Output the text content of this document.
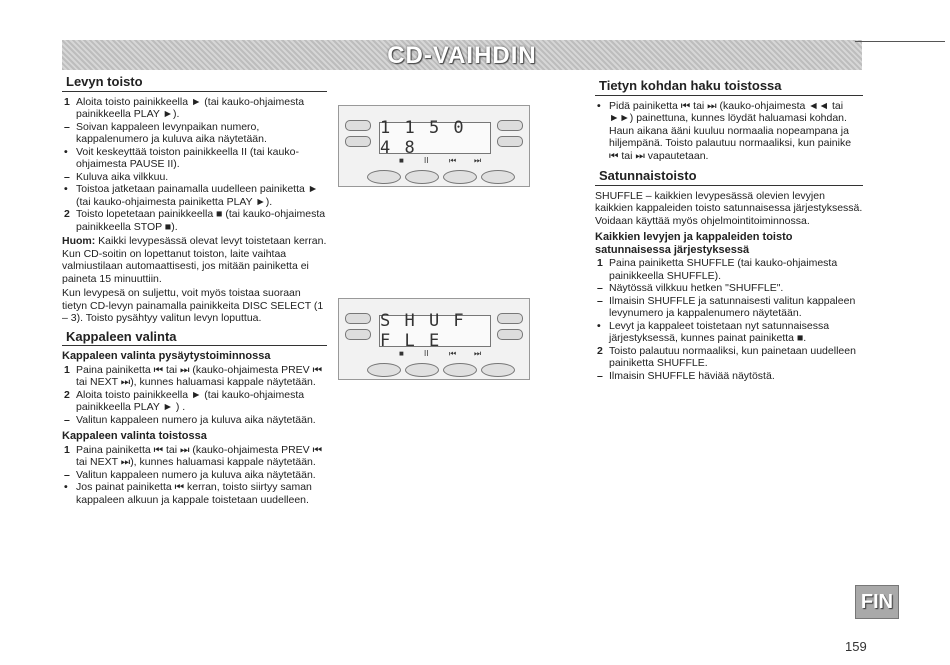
CD-VAIHDIN
Levyn toisto
1 Aloita toisto painikkeella ► (tai kauko-ohjaimesta painikkeella PLAY ►).
– Soivan kappaleen levynpaikan numero, kappalenumero ja kuluva aika näytetään.
• Voit keskeyttää toiston painikkeella II (tai kauko-ohjaimesta PAUSE II).
– Kuluva aika vilkkuu.
• Toistoa jatketaan painamalla uudelleen painiketta ► (tai kauko-ohjaimesta painiketta PLAY ►).
2 Toisto lopetetaan painikkeella ■ (tai kauko-ohjaimesta painikkeella STOP ■).

Huom: Kaikki levypesässä olevat levyt toistetaan kerran. Kun CD-soitin on lopettanut toiston, laite vaihtaa valmiustilaan automaattisesti, jos mitään painiketta ei paineta 15 minuuttiin.

Kun levypesä on suljettu, voit myös toistaa suoraan tietyn CD-levyn painamalla painikkeita DISC SELECT (1 – 3). Toisto pysähtyy valitun levyn loputtua.

Kappaleen valinta
Kappaleen valinta pysäytystoiminnossa
1 Paina painiketta ⏮ tai ⏭ (kauko-ohjaimesta PREV ⏮ tai NEXT ⏭), kunnes haluamasi kappale näytetään.
2 Aloita toisto painikkeella ► (tai kauko-ohjaimesta painikkeella PLAY ► ) .
– Valitun kappaleen numero ja kuluva aika näytetään.
Kappaleen valinta toistossa
1 Paina painiketta ⏮ tai ⏭ (kauko-ohjaimesta PREV ⏮ tai NEXT ⏭), kunnes haluamasi kappale näytetään.
– Valitun kappaleen numero ja kuluva aika näytetään.
• Jos painat painiketta ⏮ kerran, toisto siirtyy saman kappaleen alkuun ja kappale toistetaan uudelleen.
1 1 5 0 4 8
■	II	⏮ ⏭
S H U F F L E
■	II	⏮ ⏭
Tietyn kohdan haku toistossa
• Pidä painiketta ⏮ tai ⏭ (kauko-ohjaimesta ◄◄ tai ►►) painettuna, kunnes löydät haluamasi kohdan. Haun aikana ääni kuuluu normaalia nopeampana ja hiljempänä. Toisto palautuu normaaliksi, kun painike ⏮ tai ⏭ vapautetaan.
Satunnaistoisto

SHUFFLE – kaikkien levypesässä olevien levyjen kaikkien kappaleiden toisto satunnaisessa järjestyksessä. Voidaan käyttää myös ohjelmointitoiminnossa.

Kaikkien levyjen ja kappaleiden toisto satunnaisessa järjestyksessä
1 Paina painiketta SHUFFLE (tai kauko-ohjaimesta painikkeella SHUFFLE).
– Näytössä vilkkuu hetken "SHUFFLE".
– Ilmaisin SHUFFLE ja satunnaisesti valitun kappaleen levynumero ja kappalenumero näytetään.
• Levyt ja kappaleet toistetaan nyt satunnaisessa järjestyksessä, kunnes painat painiketta ■.
2 Toisto palautuu normaaliksi, kun painetaan uudelleen painiketta SHUFFLE.
– Ilmaisin SHUFFLE häviää näytöstä.
FIN
159
